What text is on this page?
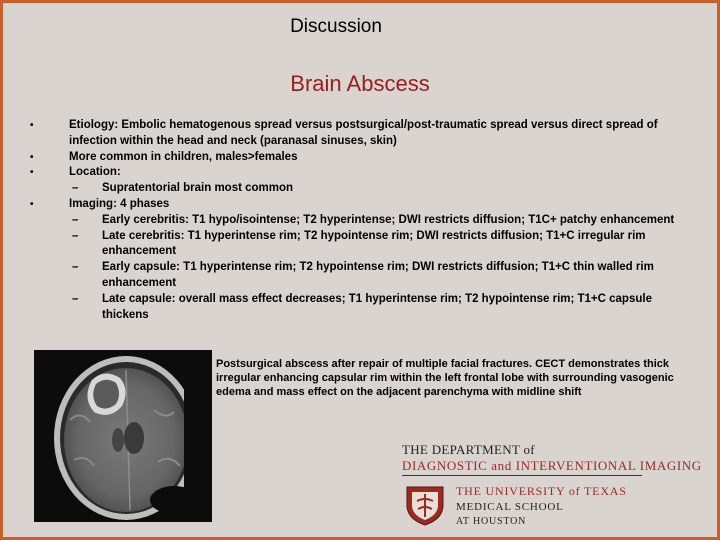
Discussion
Brain Abscess
•	Etiology: Embolic hematogenous spread versus postsurgical/post-traumatic spread versus direct spread of infection within the head and neck (paranasal sinuses, skin)
•	More common in children, males>females
•	Location:
– Supratentorial brain most common
•	Imaging: 4 phases
– Early cerebritis: T1 hypo/isointense; T2 hyperintense; DWI restricts diffusion; T1C+ patchy enhancement
– Late cerebritis: T1 hyperintense rim; T2 hypointense rim; DWI restricts diffusion; T1+C irregular rim enhancement
– Early capsule: T1 hyperintense rim; T2 hypointense rim; DWI restricts diffusion; T1+C thin walled rim enhancement
– Late capsule: overall mass effect decreases; T1 hyperintense rim; T2 hypointense rim; T1+C capsule thickens
Postsurgical abscess after repair of multiple facial fractures. CECT demonstrates thick irregular enhancing capsular rim within the left frontal lobe with surrounding vasogenic edema and mass effect on the adjacent parenchyma with midline shift
THE DEPARTMENT of
DIAGNOSTIC and INTERVENTIONAL IMAGING
THE UNIVERSITY of TEXAS
MEDICAL SCHOOL
AT HOUSTON
